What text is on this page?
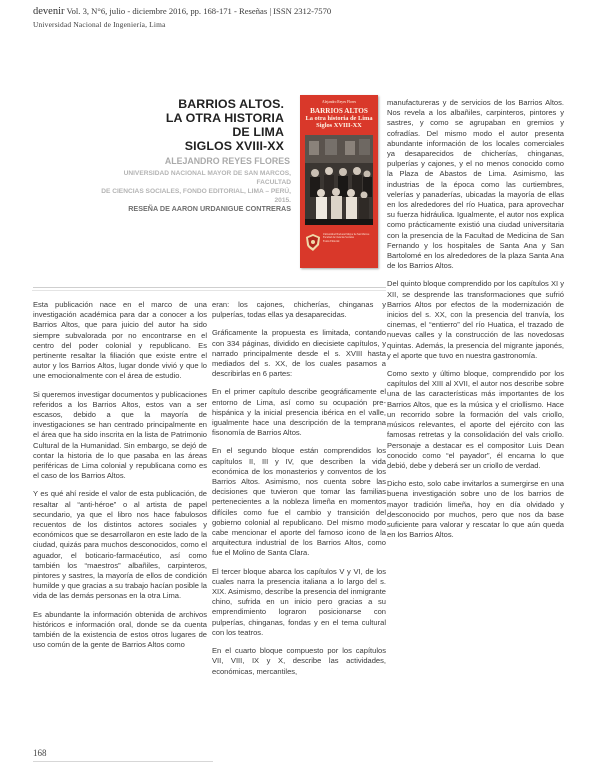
devenir Vol. 3, N°6, julio - diciembre 2016, pp. 168-171 - Reseñas | ISSN 2312-7570
Universidad Nacional de Ingeniería, Lima
BARRIOS ALTOS.
LA OTRA HISTORIA DE LIMA
SIGLOS XVIII-XX
ALEJANDRO REYES FLORES
UNIVERSIDAD NACIONAL MAYOR DE SAN MARCOS, FACULTAD
DE CIENCIAS SOCIALES, FONDO EDITORIAL, LIMA – PERÚ, 2015.
RESEÑA DE AARON URDANIGUE CONTRERAS
Alejandro Reyes Flores
BARRIOS ALTOS
La otra historia de Lima
Siglos XVIII-XX
Universidad Nacional Mayor de San Marcos
Facultad de Ciencias Sociales
Fondo Editorial

Esta publicación nace en el marco de una investigación académica para dar a conocer a los Barrios Altos, que para juicio del autor ha sido siempre subvalorada por no encontrarse en el centro del poder colonial y republicano. Es pertinente resaltar la filiación que existe entre el autor y los Barrios Altos, lugar donde vivió y que lo une emocionalmente con el área de estudio.

Si queremos investigar documentos y publicaciones referidos a los Barrios Altos, estos van a ser escasos, debido a que la mayoría de investigaciones se han centrado principalmente en el área que ha sido inscrita en la lista de Patrimonio Cultural de la Humanidad. Sin embargo, se dejó de contar la historia de lo que pasaba en las áreas periféricas de Lima colonial y republicana como es el caso de los Barrios Altos.

Y es qué ahí reside el valor de esta publicación, de resaltar al “anti-héroe” o al artista de papel secundario, ya que el libro nos hace fabulosos recuentos de los distintos actores sociales y económicos que se desarrollaron en este lado de la ciudad, quizás para muchos desconocidos, como el aguador, el boticario-farmacéutico, así como también los “maestros” albañiles, carpinteros, pintores y sastres, la mayoría de ellos de condición humilde y que gracias a su trabajo hacían posible la vida de las demás personas en la otra Lima.

Es abundante la información obtenida de archivos históricos e información oral, donde se da cuenta también de la existencia de estos otros lugares de uso común de la gente de Barrios Altos como

eran: los cajones, chicherías, chinganas y pulperías, todas ellas ya desaparecidas.

Gráficamente la propuesta es limitada, contando con 334 páginas, dividido en diecisiete capítulos, y narrado principalmente desde el s. XVIII hasta mediados del s. XX, de los cuales pasamos a describirlas en 6 partes:

En el primer capítulo describe geográficamente el entorno de Lima, así como su ocupación pre-hispánica y la inicial presencia ibérica en el valle, igualmente hace una descripción de la temprana fisonomía de Barrios Altos.

En el segundo bloque están comprendidos los capítulos II, III y IV, que describen la vida económica de los monasterios y conventos de los Barrios Altos. Asimismo, nos cuenta sobre las decisiones que tuvieron que tomar las familias pertenecientes a la nobleza limeña en momentos difíciles como fue el cambio y transición del gobierno colonial al republicano. Del mismo modo cabe mencionar el aporte del famoso icono de la arquitectura industrial de los Barrios Altos, como fue el Molino de Santa Clara.

El tercer bloque abarca los capítulos V y VI, de los cuales narra la presencia italiana a lo largo del s. XIX. Asimismo, describe la presencia del inmigrante chino, sufrida en un inicio pero gracias a su emprendimiento lograron posicionarse con pulperías, chinganas, fondas y en el tema cultural con los teatros.

En el cuarto bloque compuesto por los capítulos VII, VIII, IX y X, describe las actividades, económicas, mercantiles,

manufactureras y de servicios de los Barrios Altos. Nos revela a los albañiles, carpinteros, pintores y sastres, y como se agrupaban en gremios y cofradías. Del mismo modo el autor presenta abundante información de los locales comerciales ya desaparecidos de chicherías, chinganas, pulperías y cajones, y el no menos conocido como la Plaza de Abastos de Lima. Asimismo, las industrias de la época como las curtiembres, velerías y panaderías, ubicadas la mayoría de ellas en los alrededores del río Huatica, para aprovechar su fuerza hidráulica. Igualmente, el autor nos explica como prácticamente existió una ciudad universitaria con la presencia de la Facultad de Medicina de San Fernando y los hospitales de Santa Ana y San Bartolomé en los alrededores de la plaza Santa Ana de los Barrios Altos.

Del quinto bloque comprendido por los capítulos XI y XII, se desprende las transformaciones que sufrió Barrios Altos por efectos de la modernización de inicios del s. XX, con la presencia del tranvía, los cinemas, el “entierro” del río Huatica, el trazado de nuevas calles y la construcción de las novedosas quintas. Además, la presencia del migrante japonés, y el aporte que tuvo en nuestra gastronomía.

Como sexto y último bloque, comprendido por los capítulos del XIII al XVII, el autor nos describe sobre una de las características más importantes de los Barrios Altos, que es la música y el criollismo. Hace un recorrido sobre la formación del vals criollo, músicos relevantes, el aporte del ejército con las famosas retretas y la consolidación del vals criollo. Personaje a destacar es el compositor Luis Dean conocido como “el payador”, él encarna lo que debió, debe y deberá ser un criollo de verdad.

Dicho esto, solo cabe invitarlos a sumergirse en una buena investigación sobre uno de los barrios de mayor tradición limeña, hoy en día olvidado y desconocido por muchos, pero que nos da base suficiente para valorar y rescatar lo que aún queda en los Barrios Altos.

168
